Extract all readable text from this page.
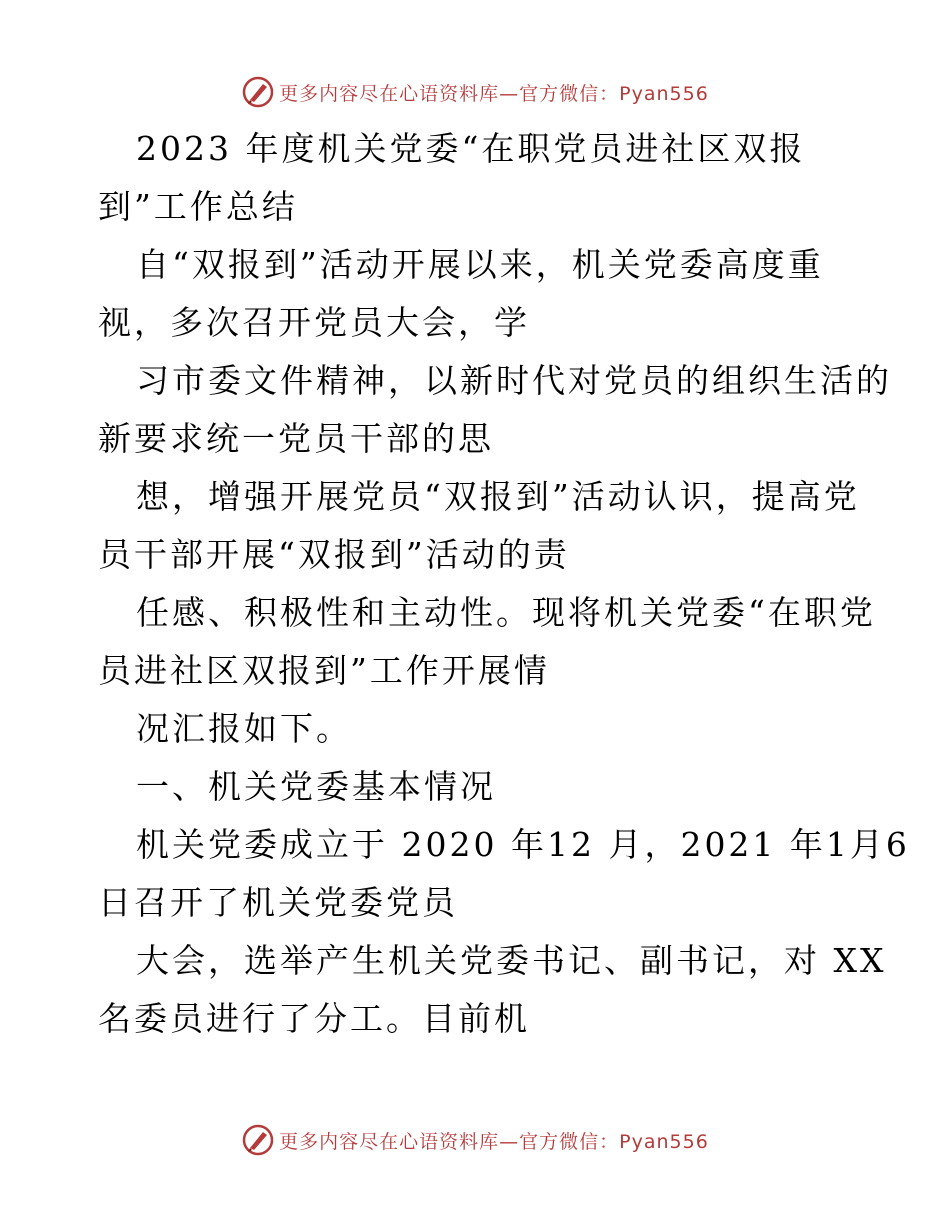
更多内容尽在心语资料库—官方微信：Pyan556
2023 年度机关党委“在职党员进社区双报
到”工作总结
自“双报到”活动开展以来，机关党委高度重
视，多次召开党员大会，学
习市委文件精神，以新时代对党员的组织生活的
新要求统一党员干部的思
想，增强开展党员“双报到”活动认识，提高党
员干部开展“双报到”活动的责
任感、积极性和主动性。现将机关党委“在职党
员进社区双报到”工作开展情
况汇报如下。
一、机关党委基本情况
机关党委成立于 2020 年12 月，2021 年1月6
日召开了机关党委党员
大会，选举产生机关党委书记、副书记，对 XX
名委员进行了分工。目前机
更多内容尽在心语资料库—官方微信：Pyan556
